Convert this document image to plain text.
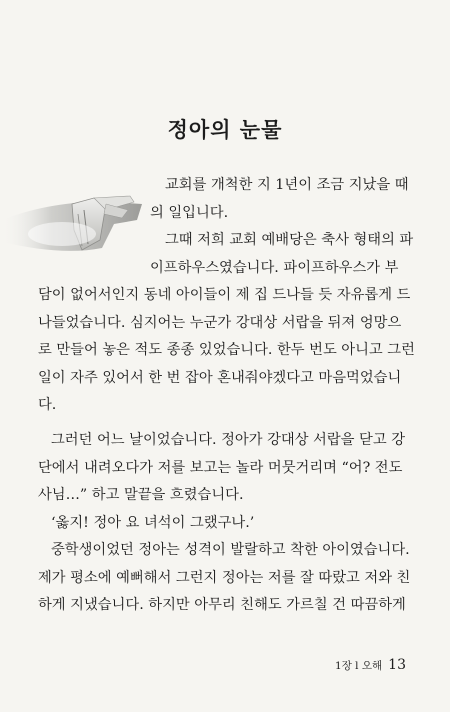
정아의 눈물
교회를 개척한 지 1년이 조금 지났을 때
의 일입니다.
그때 저희 교회 예배당은 축사 형태의 파
이프하우스였습니다. 파이프하우스가 부
담이 없어서인지 동네 아이들이 제 집 드나들 듯 자유롭게 드
나들었습니다. 심지어는 누군가 강대상 서랍을 뒤져 엉망으
로 만들어 놓은 적도 종종 있었습니다. 한두 번도 아니고 그런
일이 자주 있어서 한 번 잡아 혼내줘야겠다고 마음먹었습니
다.
그러던 어느 날이었습니다. 정아가 강대상 서랍을 닫고 강
단에서 내려오다가 저를 보고는 놀라 머뭇거리며 “어? 전도
사님…” 하고 말끝을 흐렸습니다.
‘옳지! 정아 요 녀석이 그랬구나.’
중학생이었던 정아는 성격이 발랄하고 착한 아이였습니다.
제가 평소에 예뻐해서 그런지 정아는 저를 잘 따랐고 저와 친
하게 지냈습니다. 하지만 아무리 친해도 가르칠 건 따끔하게
1장 l 오해 13
